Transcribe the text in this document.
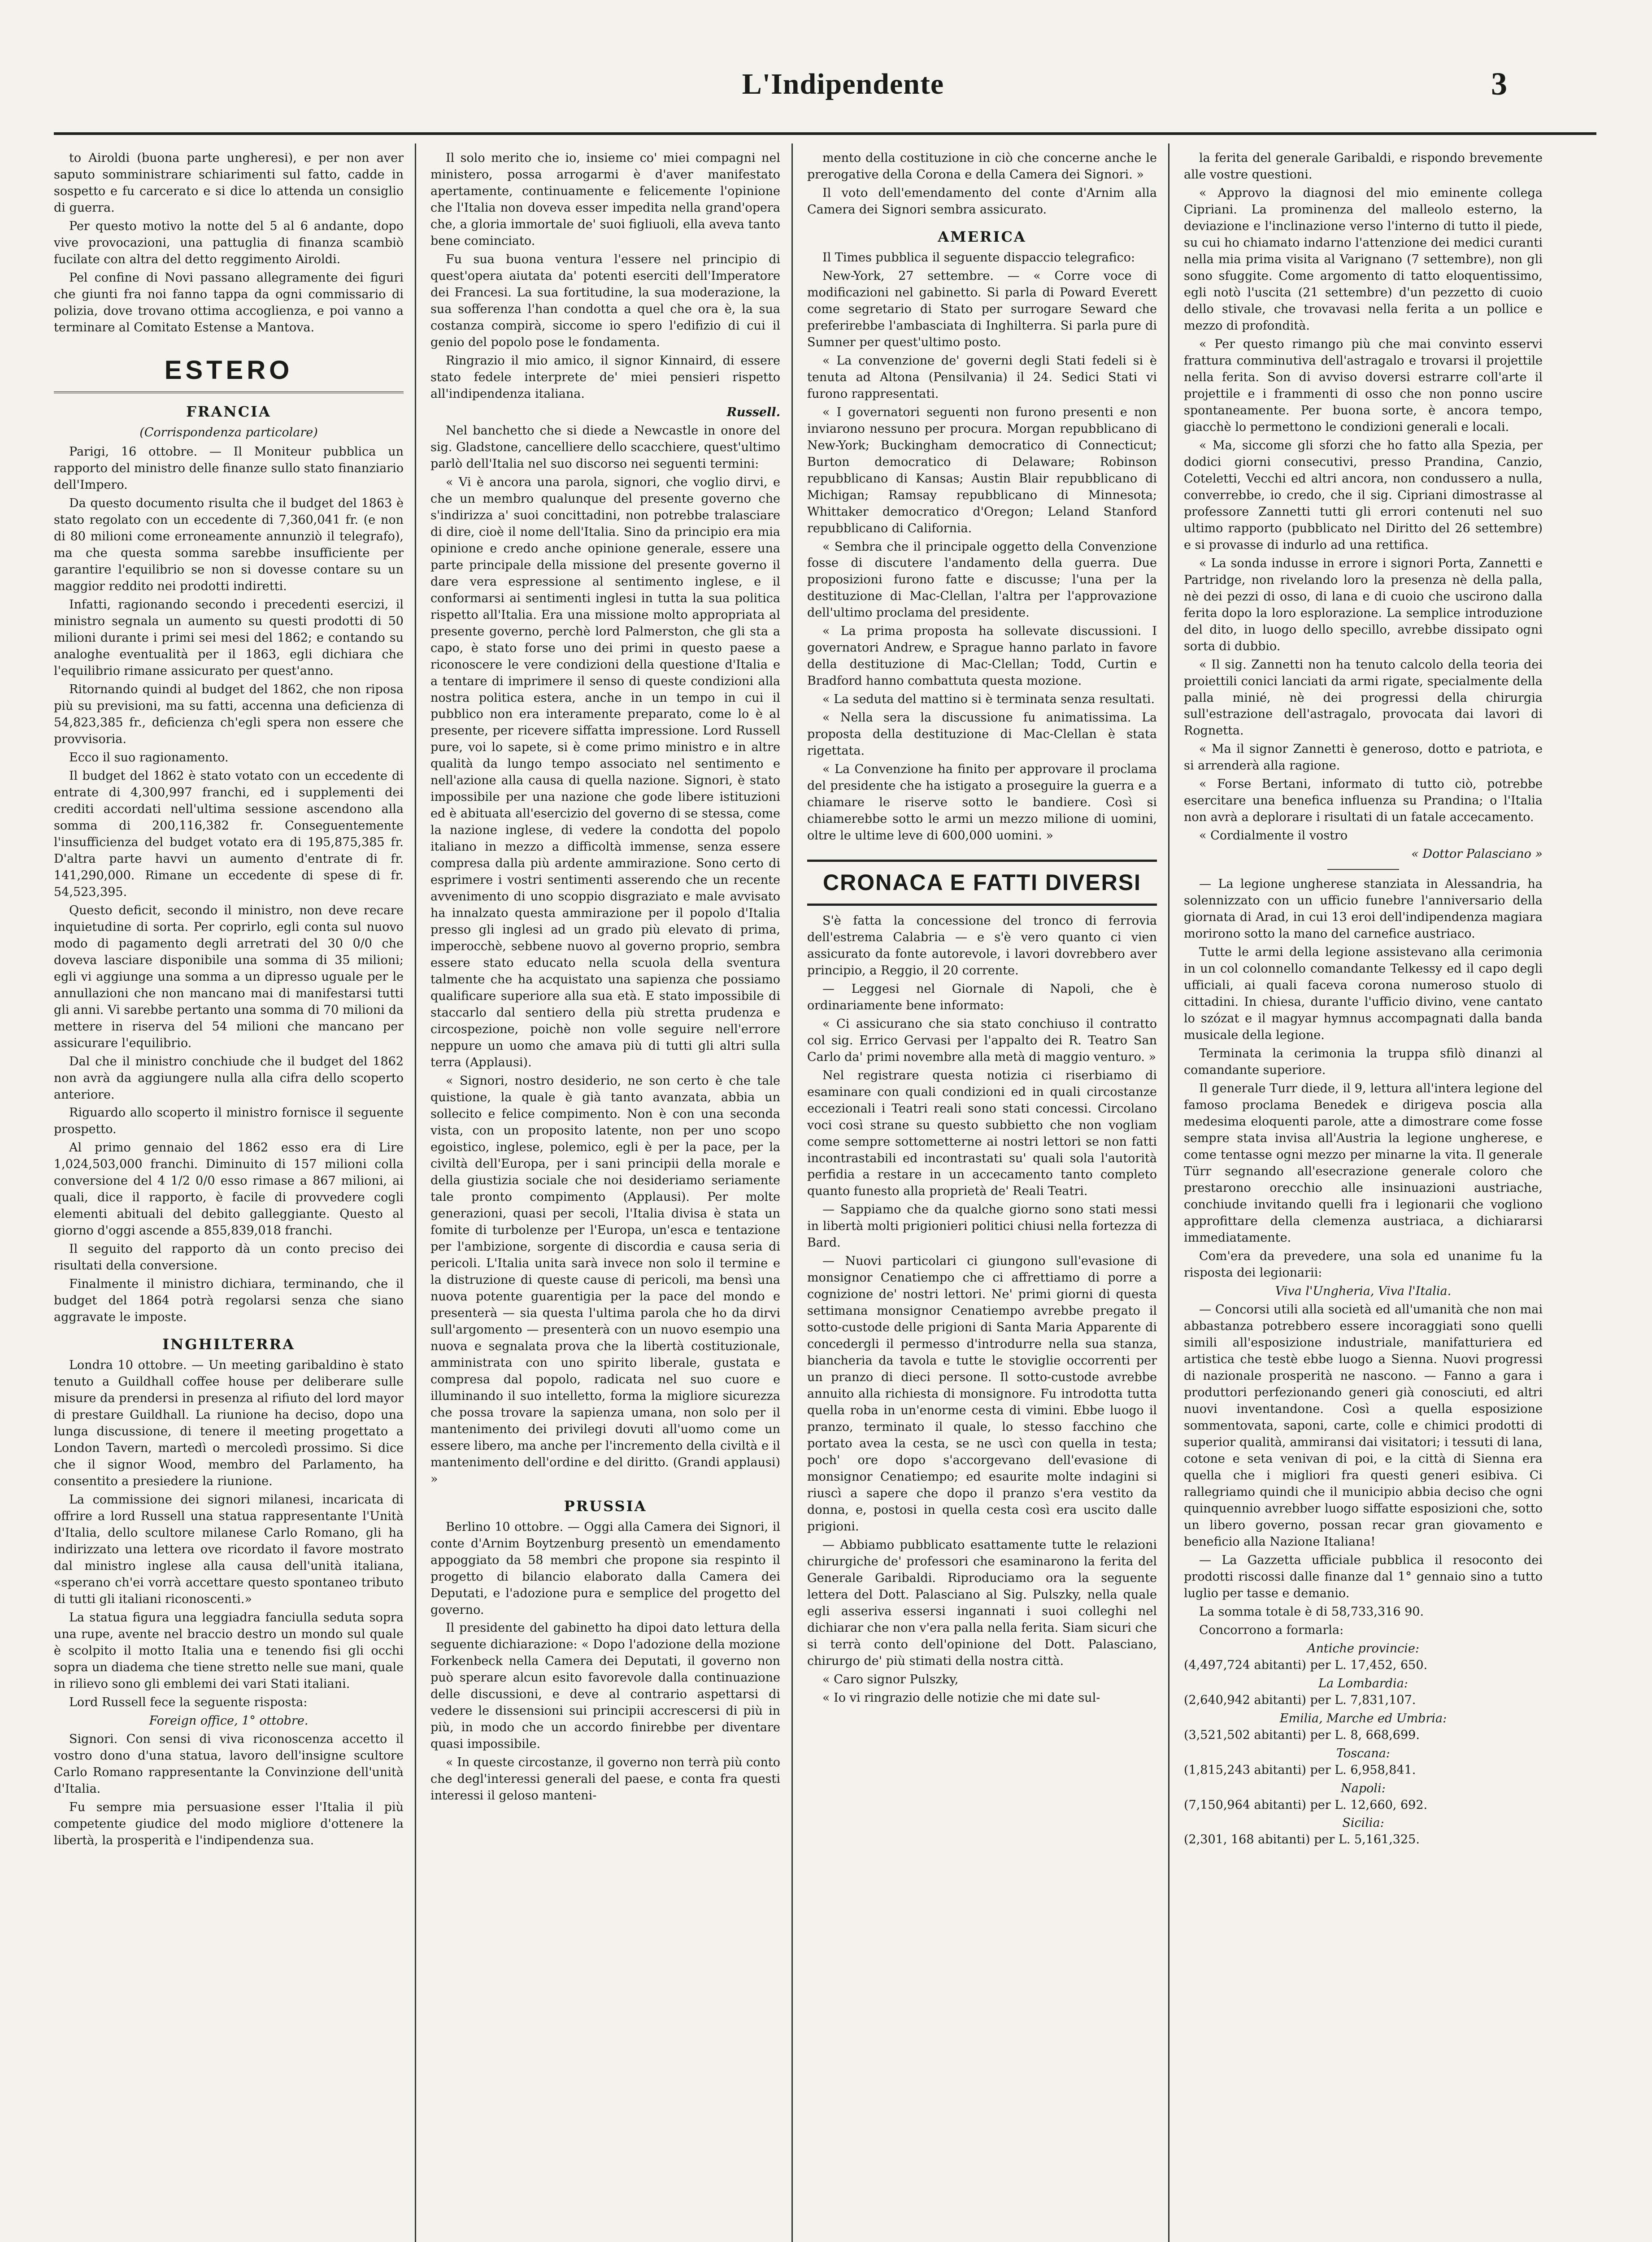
L'Indipendente	3

to Airoldi (buona parte ungheresi), e per non aver saputo somministrare schiarimenti sul fatto, cadde in sospetto e fu carcerato e si dice lo attenda un consiglio di guerra.

Per questo motivo la notte del 5 al 6 andante, dopo vive provocazioni, una pattuglia di finanza scambiò fucilate con altra del detto reggimento Airoldi.

Pel confine di Novi passano allegramente dei figuri che giunti fra noi fanno tappa da ogni commissario di polizia, dove trovano ottima accoglienza, e poi vanno a terminare al Comitato Estense a Mantova.

ESTERO
FRANCIA
(Corrispondenza particolare)

Parigi, 16 ottobre. — Il Moniteur pubblica un rapporto del ministro delle finanze sullo stato finanziario dell'Impero.

Da questo documento risulta che il budget del 1863 è stato regolato con un eccedente di 7,360,041 fr. (e non di 80 milioni come erroneamente annunziò il telegrafo), ma che questa somma sarebbe insufficiente per garantire l'equilibrio se non si dovesse contare su un maggior reddito nei prodotti indiretti.

Infatti, ragionando secondo i precedenti esercizi, il ministro segnala un aumento su questi prodotti di 50 milioni durante i primi sei mesi del 1862; e contando su analoghe eventualità per il 1863, egli dichiara che l'equilibrio rimane assicurato per quest'anno.

Ritornando quindi al budget del 1862, che non riposa più su previsioni, ma su fatti, accenna una deficienza di 54,823,385 fr., deficienza ch'egli spera non essere che provvisoria.

Ecco il suo ragionamento.

Il budget del 1862 è stato votato con un eccedente di entrate di 4,300,997 franchi, ed i supplementi dei crediti accordati nell'ultima sessione ascendono alla somma di 200,116,382 fr. Conseguentemente l'insufficienza del budget votato era di 195,875,385 fr. D'altra parte havvi un aumento d'entrate di fr. 141,290,000. Rimane un eccedente di spese di fr. 54,523,395.

Questo deficit, secondo il ministro, non deve recare inquietudine di sorta. Per coprirlo, egli conta sul nuovo modo di pagamento degli arretrati del 30 0/0 che doveva lasciare disponibile una somma di 35 milioni; egli vi aggiunge una somma a un dipresso uguale per le annullazioni che non mancano mai di manifestarsi tutti gli anni. Vi sarebbe pertanto una somma di 70 milioni da mettere in riserva del 54 milioni che mancano per assicurare l'equilibrio.

Dal che il ministro conchiude che il budget del 1862 non avrà da aggiungere nulla alla cifra dello scoperto anteriore.

Riguardo allo scoperto il ministro fornisce il seguente prospetto.

Al primo gennaio del 1862 esso era di Lire 1,024,503,000 franchi. Diminuito di 157 milioni colla conversione del 4 1/2 0/0 esso rimase a 867 milioni, ai quali, dice il rapporto, è facile di provvedere cogli elementi abituali del debito galleggiante. Questo al giorno d'oggi ascende a 855,839,018 franchi.

Il seguito del rapporto dà un conto preciso dei risultati della conversione.

Finalmente il ministro dichiara, terminando, che il budget del 1864 potrà regolarsi senza che siano aggravate le imposte.

INGHILTERRA

Londra 10 ottobre. — Un meeting garibaldino è stato tenuto a Guildhall coffee house per deliberare sulle misure da prendersi in presenza al rifiuto del lord mayor di prestare Guildhall. La riunione ha deciso, dopo una lunga discussione, di tenere il meeting progettato a London Tavern, martedì o mercoledì prossimo. Si dice che il signor Wood, membro del Parlamento, ha consentito a presiedere la riunione.

La commissione dei signori milanesi, incaricata di offrire a lord Russell una statua rappresentante l'Unità d'Italia, dello scultore milanese Carlo Romano, gli ha indirizzato una lettera ove ricordato il favore mostrato dal ministro inglese alla causa dell'unità italiana, «sperano ch'ei vorrà accettare questo spontaneo tributo di tutti gli italiani riconoscenti.»

La statua figura una leggiadra fanciulla seduta sopra una rupe, avente nel braccio destro un mondo sul quale è scolpito il motto Italia una e tenendo fisi gli occhi sopra un diadema che tiene stretto nelle sue mani, quale in rilievo sono gli emblemi dei vari Stati italiani.

Lord Russell fece la seguente risposta:

Foreign office, 1° ottobre.

Signori. Con sensi di viva riconoscenza accetto il vostro dono d'una statua, lavoro dell'insigne scultore Carlo Romano rappresentante la Convinzione dell'unità d'Italia.

Fu sempre mia persuasione esser l'Italia il più competente giudice del modo migliore d'ottenere la libertà, la prosperità e l'indipendenza sua.

Il solo merito che io, insieme co' miei compagni nel ministero, possa arrogarmi è d'aver manifestato apertamente, continuamente e felicemente l'opinione che l'Italia non doveva esser impedita nella grand'opera che, a gloria immortale de' suoi figliuoli, ella aveva tanto bene cominciato.

Fu sua buona ventura l'essere nel principio di quest'opera aiutata da' potenti eserciti dell'Imperatore dei Francesi. La sua fortitudine, la sua moderazione, la sua sofferenza l'han condotta a quel che ora è, la sua costanza compirà, siccome io spero l'edifizio di cui il genio del popolo pose le fondamenta.

Ringrazio il mio amico, il signor Kinnaird, di essere stato fedele interprete de' miei pensieri rispetto all'indipendenza italiana.

Russell.

Nel banchetto che si diede a Newcastle in onore del sig. Gladstone, cancelliere dello scacchiere, quest'ultimo parlò dell'Italia nel suo discorso nei seguenti termini:

« Vi è ancora una parola, signori, che voglio dirvi, e che un membro qualunque del presente governo che s'indirizza a' suoi concittadini, non potrebbe tralasciare di dire, cioè il nome dell'Italia. Sino da principio era mia opinione e credo anche opinione generale, essere una parte principale della missione del presente governo il dare vera espressione al sentimento inglese, e il conformarsi ai sentimenti inglesi in tutta la sua politica rispetto all'Italia. Era una missione molto appropriata al presente governo, perchè lord Palmerston, che gli sta a capo, è stato forse uno dei primi in questo paese a riconoscere le vere condizioni della questione d'Italia e a tentare di imprimere il senso di queste condizioni alla nostra politica estera, anche in un tempo in cui il pubblico non era interamente preparato, come lo è al presente, per ricevere siffatta impressione. Lord Russell pure, voi lo sapete, si è come primo ministro e in altre qualità da lungo tempo associato nel sentimento e nell'azione alla causa di quella nazione. Signori, è stato impossibile per una nazione che gode libere istituzioni ed è abituata all'esercizio del governo di se stessa, come la nazione inglese, di vedere la condotta del popolo italiano in mezzo a difficoltà immense, senza essere compresa dalla più ardente ammirazione. Sono certo di esprimere i vostri sentimenti asserendo che un recente avvenimento di uno scoppio disgraziato e male avvisato ha innalzato questa ammirazione per il popolo d'Italia presso gli inglesi ad un grado più elevato di prima, imperocchè, sebbene nuovo al governo proprio, sembra essere stato educato nella scuola della sventura talmente che ha acquistato una sapienza che possiamo qualificare superiore alla sua età. E stato impossibile di staccarlo dal sentiero della più stretta prudenza e circospezione, poichè non volle seguire nell'errore neppure un uomo che amava più di tutti gli altri sulla terra (Applausi).

« Signori, nostro desiderio, ne son certo è che tale quistione, la quale è già tanto avanzata, abbia un sollecito e felice compimento. Non è con una seconda vista, con un proposito latente, non per uno scopo egoistico, inglese, polemico, egli è per la pace, per la civiltà dell'Europa, per i sani principii della morale e della giustizia sociale che noi desideriamo seriamente tale pronto compimento (Applausi). Per molte generazioni, quasi per secoli, l'Italia divisa è stata un fomite di turbolenze per l'Europa, un'esca e tentazione per l'ambizione, sorgente di discordia e causa seria di pericoli. L'Italia unita sarà invece non solo il termine e la distruzione di queste cause di pericoli, ma bensì una nuova potente guarentigia per la pace del mondo e presenterà — sia questa l'ultima parola che ho da dirvi sull'argomento — presenterà con un nuovo esempio una nuova e segnalata prova che la libertà costituzionale, amministrata con uno spirito liberale, gustata e compresa dal popolo, radicata nel suo cuore e illuminando il suo intelletto, forma la migliore sicurezza che possa trovare la sapienza umana, non solo per il mantenimento dei privilegi dovuti all'uomo come un essere libero, ma anche per l'incremento della civiltà e il mantenimento dell'ordine e del diritto. (Grandi applausi) »

PRUSSIA

Berlino 10 ottobre. — Oggi alla Camera dei Signori, il conte d'Arnim Boytzenburg presentò un emendamento appoggiato da 58 membri che propone sia respinto il progetto di bilancio elaborato dalla Camera dei Deputati, e l'adozione pura e semplice del progetto del governo.

Il presidente del gabinetto ha dipoi dato lettura della seguente dichiarazione: « Dopo l'adozione della mozione Forkenbeck nella Camera dei Deputati, il governo non può sperare alcun esito favorevole dalla continuazione delle discussioni, e deve al contrario aspettarsi di vedere le dissensioni sui principii accrescersi di più in più, in modo che un accordo finirebbe per diventare quasi impossibile.

« In queste circostanze, il governo non terrà più conto che degl'interessi generali del paese, e conta fra questi interessi il geloso manteni-

mento della costituzione in ciò che concerne anche le prerogative della Corona e della Camera dei Signori. »

Il voto dell'emendamento del conte d'Arnim alla Camera dei Signori sembra assicurato.

AMERICA

Il Times pubblica il seguente dispaccio telegrafico:

New-York, 27 settembre. — « Corre voce di modificazioni nel gabinetto. Si parla di Poward Everett come segretario di Stato per surrogare Seward che preferirebbe l'ambasciata di Inghilterra. Si parla pure di Sumner per quest'ultimo posto.

« La convenzione de' governi degli Stati fedeli si è tenuta ad Altona (Pensilvania) il 24. Sedici Stati vi furono rappresentati.

« I governatori seguenti non furono presenti e non inviarono nessuno per procura. Morgan repubblicano di New-York; Buckingham democratico di Connecticut; Burton democratico di Delaware; Robinson repubblicano di Kansas; Austin Blair repubblicano di Michigan; Ramsay repubblicano di Minnesota; Whittaker democratico d'Oregon; Leland Stanford repubblicano di California.

« Sembra che il principale oggetto della Convenzione fosse di discutere l'andamento della guerra. Due proposizioni furono fatte e discusse; l'una per la destituzione di Mac-Clellan, l'altra per l'approvazione dell'ultimo proclama del presidente.

« La prima proposta ha sollevate discussioni. I governatori Andrew, e Sprague hanno parlato in favore della destituzione di Mac-Clellan; Todd, Curtin e Bradford hanno combattuta questa mozione.

« La seduta del mattino si è terminata senza resultati.

« Nella sera la discussione fu animatissima. La proposta della destituzione di Mac-Clellan è stata rigettata.

« La Convenzione ha finito per approvare il proclama del presidente che ha istigato a proseguire la guerra e a chiamare le riserve sotto le bandiere. Così si chiamerebbe sotto le armi un mezzo milione di uomini, oltre le ultime leve di 600,000 uomini. »

CRONACA E FATTI DIVERSI

S'è fatta la concessione del tronco di ferrovia dell'estrema Calabria — e s'è vero quanto ci vien assicurato da fonte autorevole, i lavori dovrebbero aver principio, a Reggio, il 20 corrente.

— Leggesi nel Giornale di Napoli, che è ordinariamente bene informato:

« Ci assicurano che sia stato conchiuso il contratto col sig. Errico Gervasi per l'appalto dei R. Teatro San Carlo da' primi novembre alla metà di maggio venturo. »

Nel registrare questa notizia ci riserbiamo di esaminare con quali condizioni ed in quali circostanze eccezionali i Teatri reali sono stati concessi. Circolano voci così strane su questo subbietto che non vogliam come sempre sottometterne ai nostri lettori se non fatti incontrastabili ed incontrastati su' quali sola l'autorità perfidia a restare in un accecamento tanto completo quanto funesto alla proprietà de' Reali Teatri.

— Sappiamo che da qualche giorno sono stati messi in libertà molti prigionieri politici chiusi nella fortezza di Bard.

— Nuovi particolari ci giungono sull'evasione di monsignor Cenatiempo che ci affrettiamo di porre a cognizione de' nostri lettori. Ne' primi giorni di questa settimana monsignor Cenatiempo avrebbe pregato il sotto-custode delle prigioni di Santa Maria Apparente di concedergli il permesso d'introdurre nella sua stanza, biancheria da tavola e tutte le stoviglie occorrenti per un pranzo di dieci persone. Il sotto-custode avrebbe annuito alla richiesta di monsignore. Fu introdotta tutta quella roba in un'enorme cesta di vimini. Ebbe luogo il pranzo, terminato il quale, lo stesso facchino che portato avea la cesta, se ne uscì con quella in testa; poch' ore dopo s'accorgevano dell'evasione di monsignor Cenatiempo; ed esaurite molte indagini si riuscì a sapere che dopo il pranzo s'era vestito da donna, e, postosi in quella cesta così era uscito dalle prigioni.

— Abbiamo pubblicato esattamente tutte le relazioni chirurgiche de' professori che esaminarono la ferita del Generale Garibaldi. Riproduciamo ora la seguente lettera del Dott. Palasciano al Sig. Pulszky, nella quale egli asseriva essersi ingannati i suoi colleghi nel dichiarar che non v'era palla nella ferita. Siam sicuri che si terrà conto dell'opinione del Dott. Palasciano, chirurgo de' più stimati della nostra città.

« Caro signor Pulszky,

« Io vi ringrazio delle notizie che mi date sul-

la ferita del generale Garibaldi, e rispondo brevemente alle vostre questioni.

« Approvo la diagnosi del mio eminente collega Cipriani. La prominenza del malleolo esterno, la deviazione e l'inclinazione verso l'interno di tutto il piede, su cui ho chiamato indarno l'attenzione dei medici curanti nella mia prima visita al Varignano (7 settembre), non gli sono sfuggite. Come argomento di tatto eloquentissimo, egli notò l'uscita (21 settembre) d'un pezzetto di cuoio dello stivale, che trovavasi nella ferita a un pollice e mezzo di profondità.

« Per questo rimango più che mai convinto esservi frattura comminutiva dell'astragalo e trovarsi il projettile nella ferita. Son di avviso doversi estrarre coll'arte il projettile e i frammenti di osso che non ponno uscire spontaneamente. Per buona sorte, è ancora tempo, giacchè lo permettono le condizioni generali e locali.

« Ma, siccome gli sforzi che ho fatto alla Spezia, per dodici giorni consecutivi, presso Prandina, Canzio, Coteletti, Vecchi ed altri ancora, non condussero a nulla, converrebbe, io credo, che il sig. Cipriani dimostrasse al professore Zannetti tutti gli errori contenuti nel suo ultimo rapporto (pubblicato nel Diritto del 26 settembre) e si provasse di indurlo ad una rettifica.

« La sonda indusse in errore i signori Porta, Zannetti e Partridge, non rivelando loro la presenza nè della palla, nè dei pezzi di osso, di lana e di cuoio che uscirono dalla ferita dopo la loro esplorazione. La semplice introduzione del dito, in luogo dello specillo, avrebbe dissipato ogni sorta di dubbio.

« Il sig. Zannetti non ha tenuto calcolo della teoria dei proiettili conici lanciati da armi rigate, specialmente della palla minié, nè dei progressi della chirurgia sull'estrazione dell'astragalo, provocata dai lavori di Rognetta.

« Ma il signor Zannetti è generoso, dotto e patriota, e si arrenderà alla ragione.

« Forse Bertani, informato di tutto ciò, potrebbe esercitare una benefica influenza su Prandina; o l'Italia non avrà a deplorare i risultati di un fatale accecamento.

« Cordialmente il vostro

« Dottor Palasciano »

— La legione ungherese stanziata in Alessandria, ha solennizzato con un ufficio funebre l'anniversario della giornata di Arad, in cui 13 eroi dell'indipendenza magiara morirono sotto la mano del carnefice austriaco.

Tutte le armi della legione assistevano alla cerimonia in un col colonnello comandante Telkessy ed il capo degli ufficiali, ai quali faceva corona numeroso stuolo di cittadini. In chiesa, durante l'ufficio divino, vene cantato lo szózat e il magyar hymnus accompagnati dalla banda musicale della legione.

Terminata la cerimonia la truppa sfilò dinanzi al comandante superiore.

Il generale Turr diede, il 9, lettura all'intera legione del famoso proclama Benedek e dirigeva poscia alla medesima eloquenti parole, atte a dimostrare come fosse sempre stata invisa all'Austria la legione ungherese, e come tentasse ogni mezzo per minarne la vita. Il generale Türr segnando all'esecrazione generale coloro che prestarono orecchio alle insinuazioni austriache, conchiude invitando quelli fra i legionarii che vogliono approfittare della clemenza austriaca, a dichiararsi immediatamente.

Com'era da prevedere, una sola ed unanime fu la risposta dei legionarii:

Viva l'Ungheria, Viva l'Italia.

— Concorsi utili alla società ed all'umanità che non mai abbastanza potrebbero essere incoraggiati sono quelli simili all'esposizione industriale, manifatturiera ed artistica che testè ebbe luogo a Sienna. Nuovi progressi di nazionale prosperità ne nascono. — Fanno a gara i produttori perfezionando generi già conosciuti, ed altri nuovi inventandone. Così a quella esposizione sommentovata, saponi, carte, colle e chimici prodotti di superior qualità, ammiransi dai visitatori; i tessuti di lana, cotone e seta venivan di poi, e la città di Sienna era quella che i migliori fra questi generi esibiva. Ci rallegriamo quindi che il municipio abbia deciso che ogni quinquennio avrebber luogo siffatte esposizioni che, sotto un libero governo, possan recar gran giovamento e beneficio alla Nazione Italiana!

— La Gazzetta ufficiale pubblica il resoconto dei prodotti riscossi dalle finanze dal 1° gennaio sino a tutto luglio per tasse e demanio.

La somma totale è di 58,733,316 90.

Concorrono a formarla:

Antiche provincie:

(4,497,724 abitanti) per L. 17,452, 650.

La Lombardia:

(2,640,942 abitanti) per L. 7,831,107.

Emilia, Marche ed Umbria:

(3,521,502 abitanti) per L. 8, 668,699.

Toscana:

(1,815,243 abitanti) per L. 6,958,841.

Napoli:

(7,150,964 abitanti) per L. 12,660, 692.

Sicilia:

(2,301, 168 abitanti) per L. 5,161,325.
